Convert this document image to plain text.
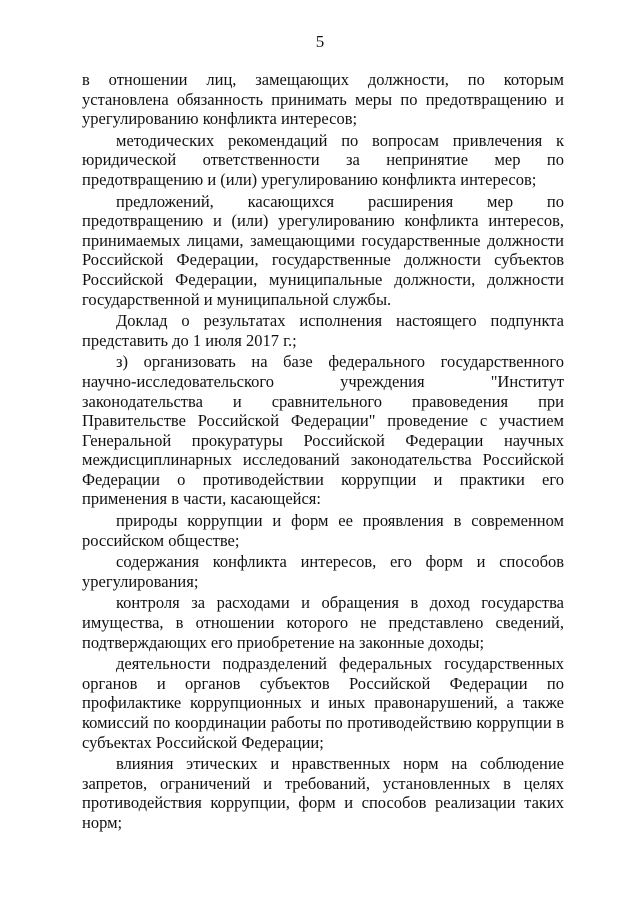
5

в отношении лиц, замещающих должности, по которым установлена обязанность принимать меры по предотвращению и урегулированию конфликта интересов;

методических рекомендаций по вопросам привлечения к юридической ответственности за непринятие мер по предотвращению и (или) урегулированию конфликта интересов;

предложений, касающихся расширения мер по предотвращению и (или) урегулированию конфликта интересов, принимаемых лицами, замещающими государственные должности Российской Федерации, государственные должности субъектов Российской Федерации, муниципальные должности, должности государственной и муниципальной службы.

Доклад о результатах исполнения настоящего подпункта представить до 1 июля 2017 г.;

з) организовать на базе федерального государственного научно-исследовательского учреждения "Институт законодательства и сравнительного правоведения при Правительстве Российской Федерации" проведение с участием Генеральной прокуратуры Российской Федерации научных междисциплинарных исследований законодательства Российской Федерации о противодействии коррупции и практики его применения в части, касающейся:

природы коррупции и форм ее проявления в современном российском обществе;

содержания конфликта интересов, его форм и способов урегулирования;

контроля за расходами и обращения в доход государства имущества, в отношении которого не представлено сведений, подтверждающих его приобретение на законные доходы;

деятельности подразделений федеральных государственных органов и органов субъектов Российской Федерации по профилактике коррупционных и иных правонарушений, а также комиссий по координации работы по противодействию коррупции в субъектах Российской Федерации;

влияния этических и нравственных норм на соблюдение запретов, ограничений и требований, установленных в целях противодействия коррупции, форм и способов реализации таких норм;
